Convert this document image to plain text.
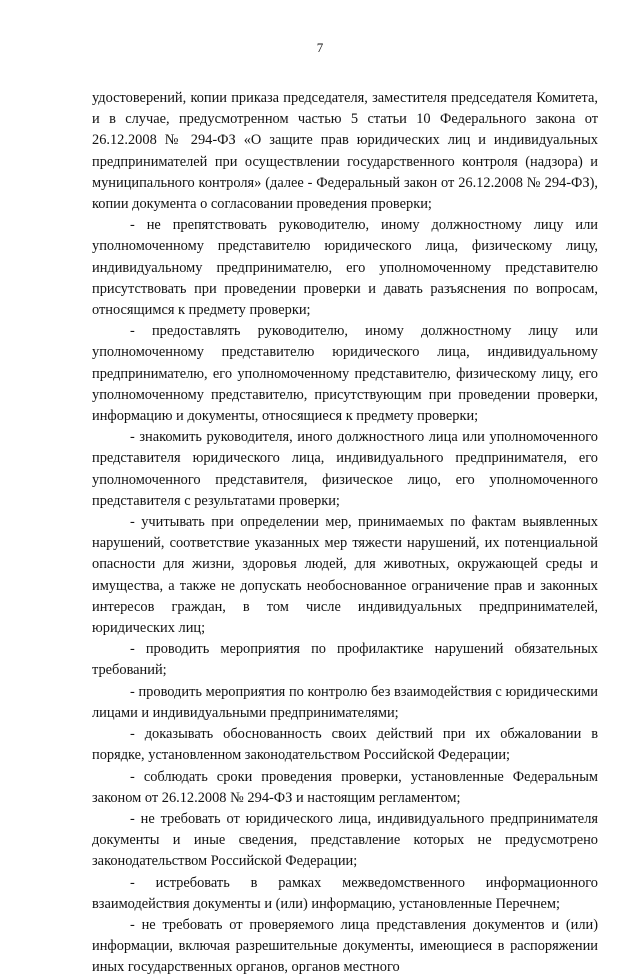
7

удостоверений, копии приказа председателя, заместителя председателя Комитета, и в случае, предусмотренном частью 5 статьи 10 Федерального закона от 26.12.2008 № 294-ФЗ «О защите прав юридических лиц и индивидуальных предпринимателей при осуществлении государственного контроля (надзора) и муниципального контроля» (далее - Федеральный закон от 26.12.2008 № 294-ФЗ), копии документа о согласовании проведения проверки;

- не препятствовать руководителю, иному должностному лицу или уполномоченному представителю юридического лица, физическому лицу, индивидуальному предпринимателю, его уполномоченному представителю присутствовать при проведении проверки и давать разъяснения по вопросам, относящимся к предмету проверки;

- предоставлять руководителю, иному должностному лицу или уполномоченному представителю юридического лица, индивидуальному предпринимателю, его уполномоченному представителю, физическому лицу, его уполномоченному представителю, присутствующим при проведении проверки, информацию и документы, относящиеся к предмету проверки;

- знакомить руководителя, иного должностного лица или уполномоченного представителя юридического лица, индивидуального предпринимателя, его уполномоченного представителя, физическое лицо, его уполномоченного представителя с результатами проверки;

- учитывать при определении мер, принимаемых по фактам выявленных нарушений, соответствие указанных мер тяжести нарушений, их потенциальной опасности для жизни, здоровья людей, для животных, окружающей среды и имущества, а также не допускать необоснованное ограничение прав и законных интересов граждан, в том числе индивидуальных предпринимателей, юридических лиц;

- проводить мероприятия по профилактике нарушений обязательных требований;

- проводить мероприятия по контролю без взаимодействия с юридическими лицами и индивидуальными предпринимателями;

- доказывать обоснованность своих действий при их обжаловании в порядке, установленном законодательством Российской Федерации;

- соблюдать сроки проведения проверки, установленные Федеральным законом от 26.12.2008 № 294-ФЗ и настоящим регламентом;

- не требовать от юридического лица, индивидуального предпринимателя документы и иные сведения, представление которых не предусмотрено законодательством Российской Федерации;

- истребовать в рамках межведомственного информационного взаимодействия документы и (или) информацию, установленные Перечнем;

- не требовать от проверяемого лица представления документов и (или) информации, включая разрешительные документы, имеющиеся в распоряжении иных государственных органов, органов местного
